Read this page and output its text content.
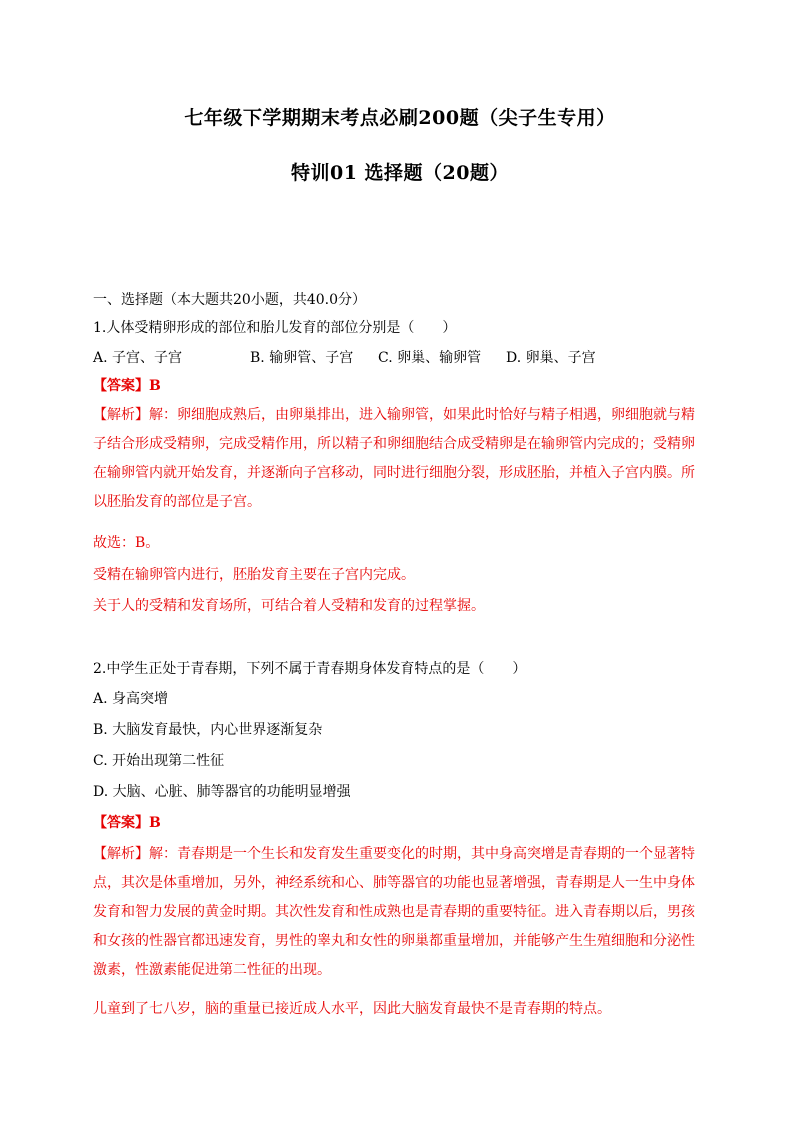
七年级下学期期末考点必刷200题（尖子生专用）
特训01 选择题（20题）
一、选择题（本大题共20小题，共40.0分）
1.人体受精卵形成的部位和胎儿发育的部位分别是（　　）
A. 子宫、子宫	B. 输卵管、子宫 C. 卵巢、输卵管 D. 卵巢、子宫
【答案】B
【解析】解：卵细胞成熟后，由卵巢排出，进入输卵管，如果此时恰好与精子相遇，卵细胞就与精
子结合形成受精卵，完成受精作用，所以精子和卵细胞结合成受精卵是在输卵管内完成的；受精卵
在输卵管内就开始发育，并逐渐向子宫移动，同时进行细胞分裂，形成胚胎，并植入子宫内膜。所
以胚胎发育的部位是子宫。
故选：B。
受精在输卵管内进行，胚胎发育主要在子宫内完成。
关于人的受精和发育场所，可结合着人受精和发育的过程掌握。
2.中学生正处于青春期，下列不属于青春期身体发育特点的是（　　）
A. 身高突增
B. 大脑发育最快，内心世界逐渐复杂
C. 开始出现第二性征
D. 大脑、心脏、肺等器官的功能明显增强
【答案】B
【解析】解：青春期是一个生长和发育发生重要变化的时期，其中身高突增是青春期的一个显著特
点，其次是体重增加，另外，神经系统和心、肺等器官的功能也显著增强，青春期是人一生中身体
发育和智力发展的黄金时期。其次性发育和性成熟也是青春期的重要特征。进入青春期以后，男孩
和女孩的性器官都迅速发育，男性的睾丸和女性的卵巢都重量增加，并能够产生生殖细胞和分泌性
激素，性激素能促进第二性征的出现。
儿童到了七八岁，脑的重量已接近成人水平，因此大脑发育最快不是青春期的特点。
